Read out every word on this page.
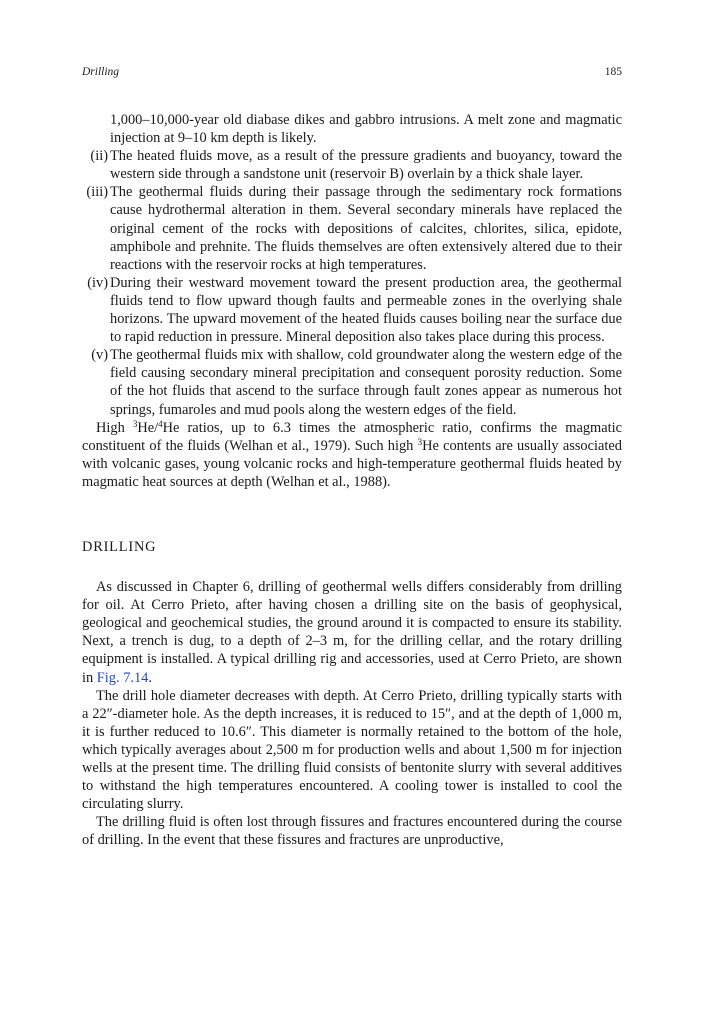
Drilling	185

1,000–10,000-year old diabase dikes and gabbro intrusions. A melt zone and magmatic injection at 9–10 km depth is likely.

(ii) The heated fluids move, as a result of the pressure gradients and buoyancy, toward the western side through a sandstone unit (reservoir B) overlain by a thick shale layer.
(iii) The geothermal fluids during their passage through the sedimentary rock formations cause hydrothermal alteration in them. Several secondary minerals have replaced the original cement of the rocks with depositions of calcites, chlorites, silica, epidote, amphibole and prehnite. The fluids themselves are often extensively altered due to their reactions with the reservoir rocks at high temperatures.
(iv) During their westward movement toward the present production area, the geothermal fluids tend to flow upward though faults and permeable zones in the overlying shale horizons. The upward movement of the heated fluids causes boiling near the surface due to rapid reduction in pressure. Mineral deposition also takes place during this process.
(v) The geothermal fluids mix with shallow, cold groundwater along the western edge of the field causing secondary mineral precipitation and consequent porosity reduction. Some of the hot fluids that ascend to the surface through fault zones appear as numerous hot springs, fumaroles and mud pools along the western edges of the field.

High $^3$He/$^4$He ratios, up to 6.3 times the atmospheric ratio, confirms the magmatic constituent of the fluids (Welhan et al., 1979). Such high $^3$He contents are usually associated with volcanic gases, young volcanic rocks and high-temperature geothermal fluids heated by magmatic heat sources at depth (Welhan et al., 1988).

DRILLING

As discussed in Chapter 6, drilling of geothermal wells differs considerably from drilling for oil. At Cerro Prieto, after having chosen a drilling site on the basis of geophysical, geological and geochemical studies, the ground around it is compacted to ensure its stability. Next, a trench is dug, to a depth of 2–3 m, for the drilling cellar, and the rotary drilling equipment is installed. A typical drilling rig and accessories, used at Cerro Prieto, are shown in Fig. 7.14.

The drill hole diameter decreases with depth. At Cerro Prieto, drilling typically starts with a 22″-diameter hole. As the depth increases, it is reduced to 15″, and at the depth of 1,000 m, it is further reduced to 10.6″. This diameter is normally retained to the bottom of the hole, which typically averages about 2,500 m for production wells and about 1,500 m for injection wells at the present time. The drilling fluid consists of bentonite slurry with several additives to withstand the high temperatures encountered. A cooling tower is installed to cool the circulating slurry.

The drilling fluid is often lost through fissures and fractures encountered during the course of drilling. In the event that these fissures and fractures are unproductive,
